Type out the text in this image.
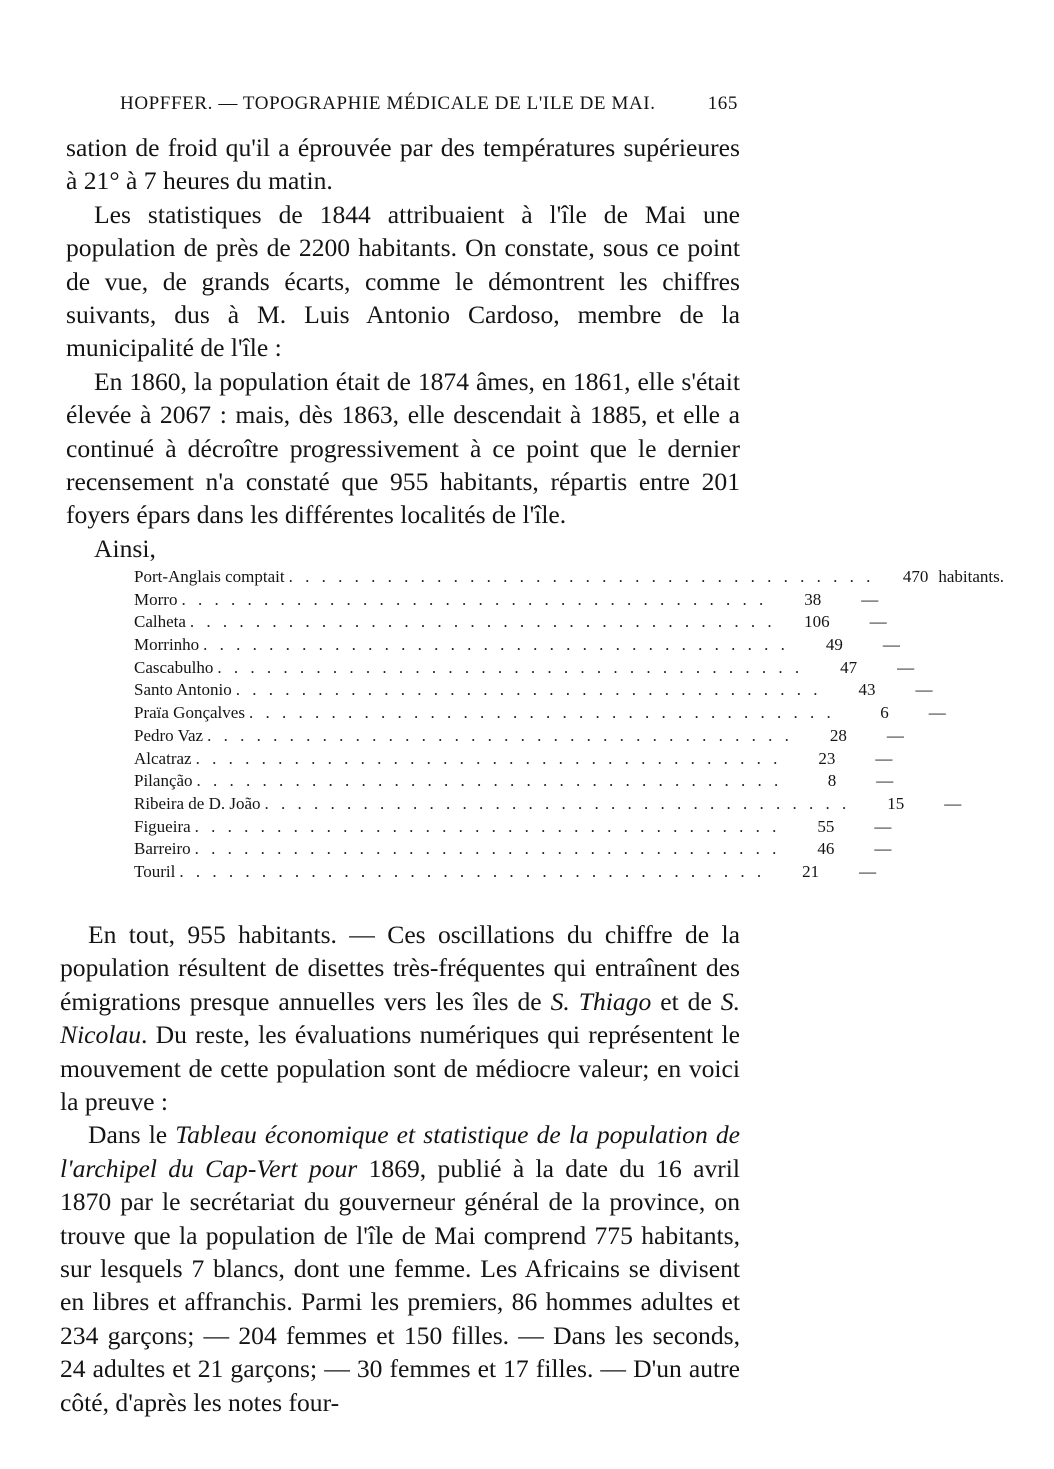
HOPFFER. — TOPOGRAPHIE MÉDICALE DE L'ILE DE MAI.	165

sation de froid qu'il a éprouvée par des températures supérieures à 21° à 7 heures du matin.

Les statistiques de 1844 attribuaient à l'île de Mai une population de près de 2200 habitants. On constate, sous ce point de vue, de grands écarts, comme le démontrent les chiffres suivants, dus à M. Luis Antonio Cardoso, membre de la municipalité de l'île :

En 1860, la population était de 1874 âmes, en 1861, elle s'était élevée à 2067 : mais, dès 1863, elle descendait à 1885, et elle a continué à décroître progressivement à ce point que le dernier recensement n'a constaté que 955 habitants, répartis entre 201 foyers épars dans les différentes localités de l'île.

Ainsi,

Port-Anglais comptait . . . . . . . . . . . . . . . . . . . . . . . . . . . . . . . . . . . .	470 habitants.
Morro . . . . . . . . . . . . . . . . . . . . . . . . . . . . . . . . . . . .	38	—
Calheta . . . . . . . . . . . . . . . . . . . . . . . . . . . . . . . . . . . .	106	—
Morrinho . . . . . . . . . . . . . . . . . . . . . . . . . . . . . . . . . . . .	49	—
Cascabulho . . . . . . . . . . . . . . . . . . . . . . . . . . . . . . . . . . . .	47	—
Santo Antonio . . . . . . . . . . . . . . . . . . . . . . . . . . . . . . . . . . . .	43	—
Praïa Gonçalves . . . . . . . . . . . . . . . . . . . . . . . . . . . . . . . . . . . .	6	—
Pedro Vaz . . . . . . . . . . . . . . . . . . . . . . . . . . . . . . . . . . . .	28	—
Alcatraz . . . . . . . . . . . . . . . . . . . . . . . . . . . . . . . . . . . .	23	—
Pilanção . . . . . . . . . . . . . . . . . . . . . . . . . . . . . . . . . . . .	8	—
Ribeira de D. João . . . . . . . . . . . . . . . . . . . . . . . . . . . . . . . . . . . .	15	—
Figueira . . . . . . . . . . . . . . . . . . . . . . . . . . . . . . . . . . . .	55	—
Barreiro . . . . . . . . . . . . . . . . . . . . . . . . . . . . . . . . . . . .	46	—
Touril . . . . . . . . . . . . . . . . . . . . . . . . . . . . . . . . . . . .	21	—

En tout, 955 habitants. — Ces oscillations du chiffre de la population résultent de disettes très-fréquentes qui entraînent des émigrations presque annuelles vers les îles de S. Thiago et de S. Nicolau. Du reste, les évaluations numériques qui représentent le mouvement de cette population sont de médiocre valeur; en voici la preuve :

Dans le Tableau économique et statistique de la population de l'archipel du Cap-Vert pour 1869, publié à la date du 16 avril 1870 par le secrétariat du gouverneur général de la province, on trouve que la population de l'île de Mai comprend 775 habitants, sur lesquels 7 blancs, dont une femme. Les Africains se divisent en libres et affranchis. Parmi les premiers, 86 hommes adultes et 234 garçons; — 204 femmes et 150 filles. — Dans les seconds, 24 adultes et 21 garçons; — 30 femmes et 17 filles. — D'un autre côté, d'après les notes four-
